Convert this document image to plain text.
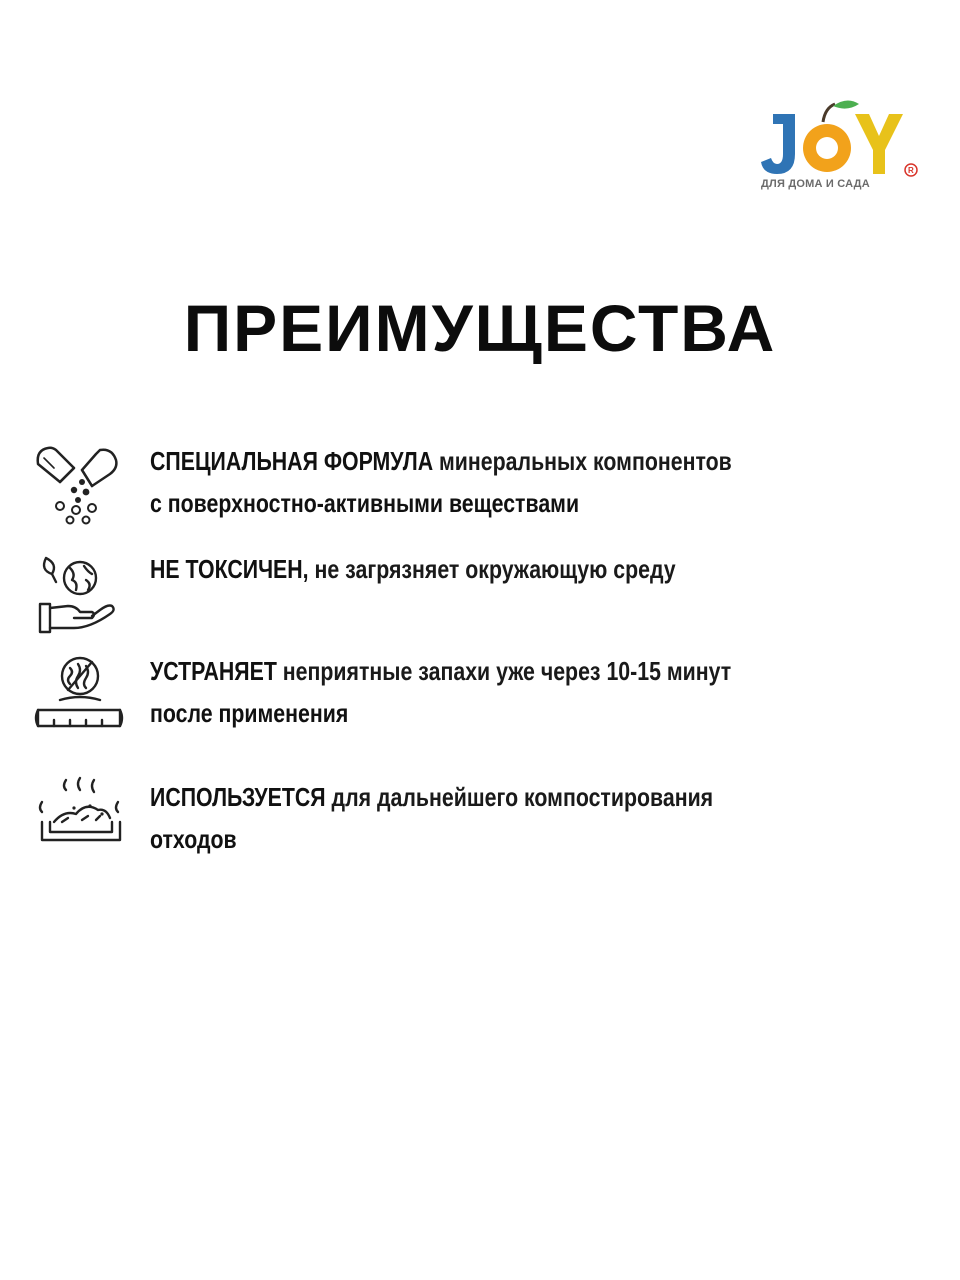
R
ДЛЯ ДОМА И САДА
ПРЕИМУЩЕСТВА
СПЕЦИАЛЬНАЯ ФОРМУЛА минеральных компонентов
с поверхностно-активными веществами
НЕ ТОКСИЧЕН, не загрязняет окружающую среду
УСТРАНЯЕТ неприятные запахи уже через 10-15 минут
после применения
ИСПОЛЬЗУЕТСЯ для дальнейшего компостирования
отходов
